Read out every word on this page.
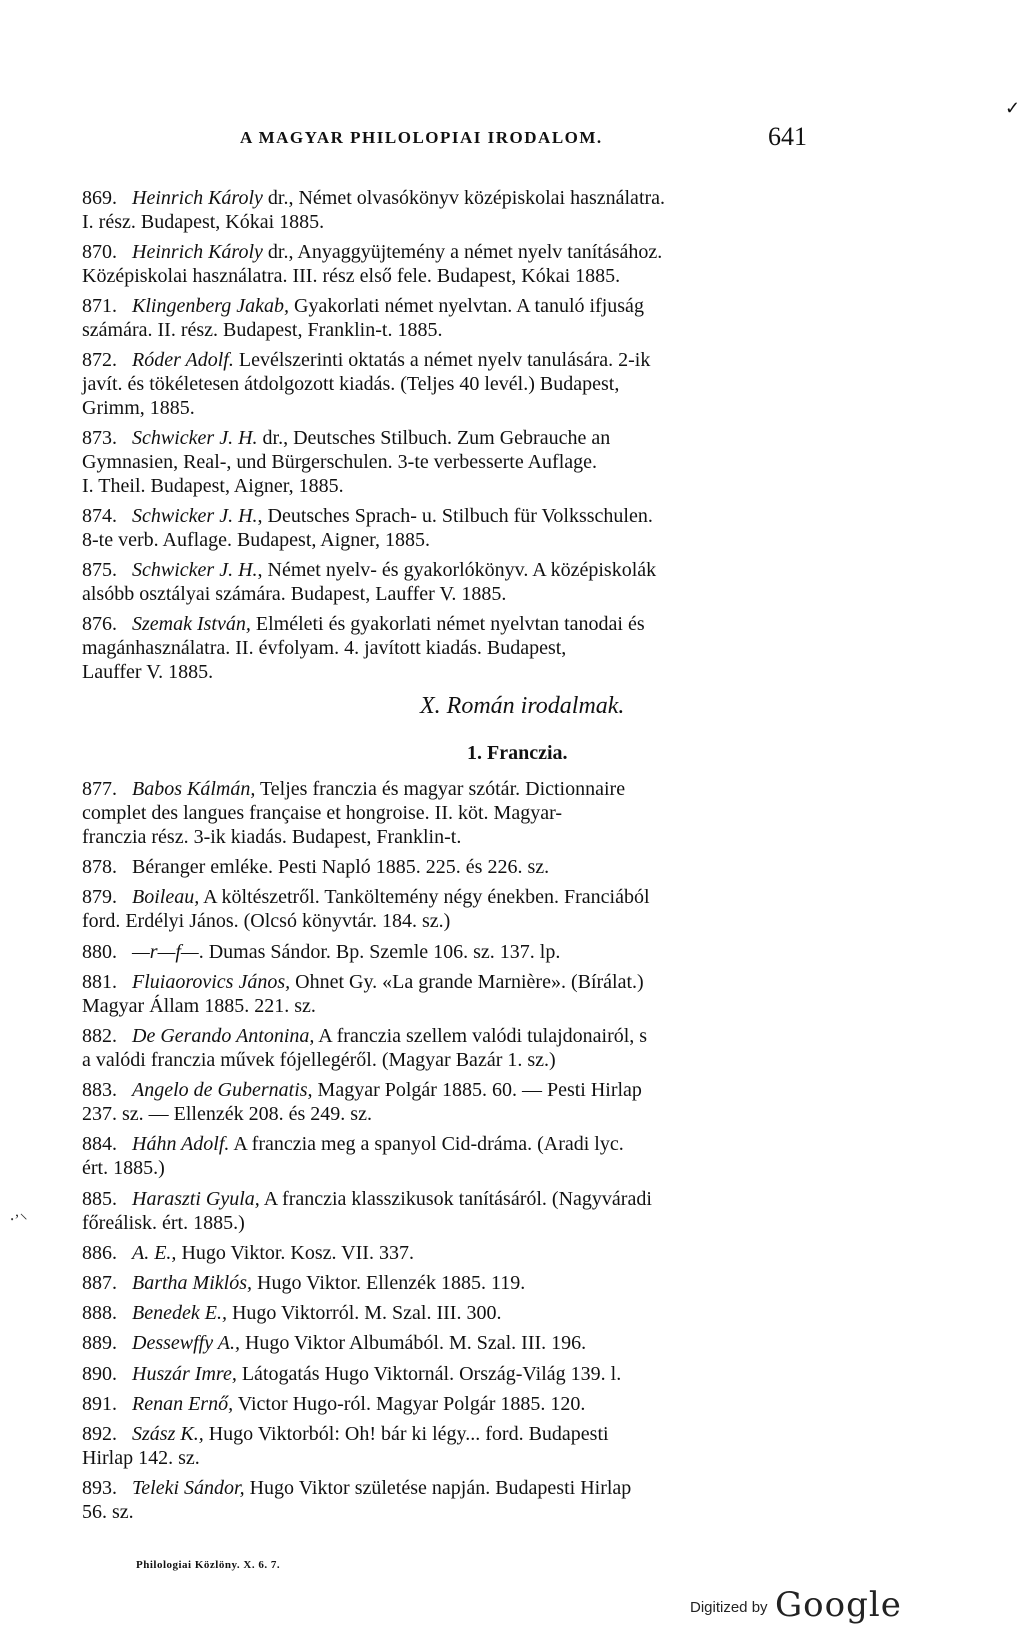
✓
A MAGYAR PHILOLOPIAI IRODALOM.	641
869. Heinrich Károly dr., Német olvasókönyv középiskolai használatra.
I. rész. Budapest, Kókai 1885.
870. Heinrich Károly dr., Anyaggyüjtemény a német nyelv tanításához.
Középiskolai használatra. III. rész első fele. Budapest, Kókai 1885.
871. Klingenberg Jakab, Gyakorlati német nyelvtan. A tanuló ifjuság
számára. II. rész. Budapest, Franklin-t. 1885.
872. Róder Adolf. Levélszerinti oktatás a német nyelv tanulására. 2-ik
javít. és tökéletesen átdolgozott kiadás. (Teljes 40 levél.) Budapest,
Grimm, 1885.
873. Schwicker J. H. dr., Deutsches Stilbuch. Zum Gebrauche an
Gymnasien, Real-, und Bürgerschulen. 3-te verbesserte Auflage.
I. Theil. Budapest, Aigner, 1885.
874. Schwicker J. H., Deutsches Sprach- u. Stilbuch für Volksschulen.
8-te verb. Auflage. Budapest, Aigner, 1885.
875. Schwicker J. H., Német nyelv- és gyakorlókönyv. A középiskolák
alsóbb osztályai számára. Budapest, Lauffer V. 1885.
876. Szemak István, Elméleti és gyakorlati német nyelvtan tanodai és
magánhasználatra. II. évfolyam. 4. javított kiadás. Budapest,
Lauffer V. 1885.
X. Román irodalmak.
1. Franczia.
877. Babos Kálmán, Teljes franczia és magyar szótár. Dictionnaire
complet des langues française et hongroise. II. köt. Magyar-
franczia rész. 3-ik kiadás. Budapest, Franklin-t.
878. Béranger emléke. Pesti Napló 1885. 225. és 226. sz.
879. Boileau, A költészetről. Tanköltemény négy énekben. Franciából
ford. Erdélyi János. (Olcsó könyvtár. 184. sz.)
880. —r—f—. Dumas Sándor. Bp. Szemle 106. sz. 137. lp.
881. Fluiaorovics János, Ohnet Gy. «La grande Marnière». (Bírálat.)
Magyar Állam 1885. 221. sz.
882. De Gerando Antonina, A franczia szellem valódi tulajdonairól, s
a valódi franczia művek fójellegéről. (Magyar Bazár 1. sz.)
883. Angelo de Gubernatis, Magyar Polgár 1885. 60. — Pesti Hirlap
237. sz. — Ellenzék 208. és 249. sz.
884. Háhn Adolf. A franczia meg a spanyol Cid-dráma. (Aradi lyc.
ért. 1885.)
885. Haraszti Gyula, A franczia klasszikusok tanításáról. (Nagyváradi
főreálisk. ért. 1885.)
886. A. E., Hugo Viktor. Kosz. VII. 337.
887. Bartha Miklós, Hugo Viktor. Ellenzék 1885. 119.
888. Benedek E., Hugo Viktorról. M. Szal. III. 300.
889. Dessewffy A., Hugo Viktor Albumából. M. Szal. III. 196.
890. Huszár Imre, Látogatás Hugo Viktornál. Ország-Világ 139. l.
891. Renan Ernő, Victor Hugo-ról. Magyar Polgár 1885. 120.
892. Szász K., Hugo Viktorból: Oh! bár ki légy... ford. Budapesti
Hirlap 142. sz.
893. Teleki Sándor, Hugo Viktor születése napján. Budapesti Hirlap
56. sz.
⸱ʼ⸌
Philologiai Közlöny. X. 6. 7.
Digitized by Google
